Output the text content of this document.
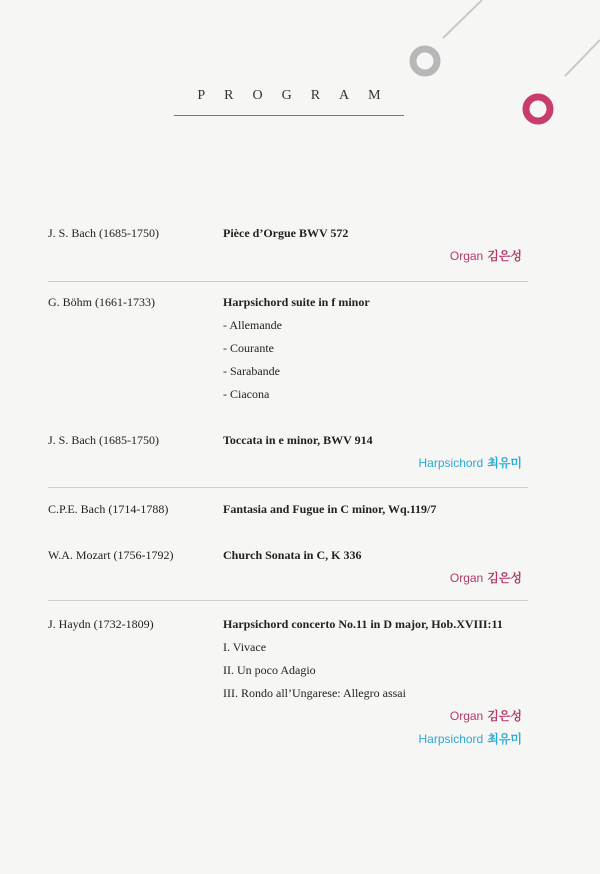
PROGRAM
J. S. Bach (1685-1750)	Pièce d’Orgue BWV 572
Organ 김은성
G. Böhm (1661-1733)	Harpsichord suite in f minor
- Allemande
- Courante
- Sarabande
- Ciacona
J. S. Bach (1685-1750)	Toccata in e minor, BWV 914
Harpsichord 최유미
C.P.E. Bach (1714-1788)	Fantasia and Fugue in C minor, Wq.119/7
W.A. Mozart (1756-1792)	Church Sonata in C, K 336
Organ 김은성
J. Haydn (1732-1809)	Harpsichord concerto No.11 in D major, Hob.XVIII:11
I. Vivace
II. Un poco Adagio
III. Rondo all’Ungarese: Allegro assai
Organ 김은성
Harpsichord 최유미
